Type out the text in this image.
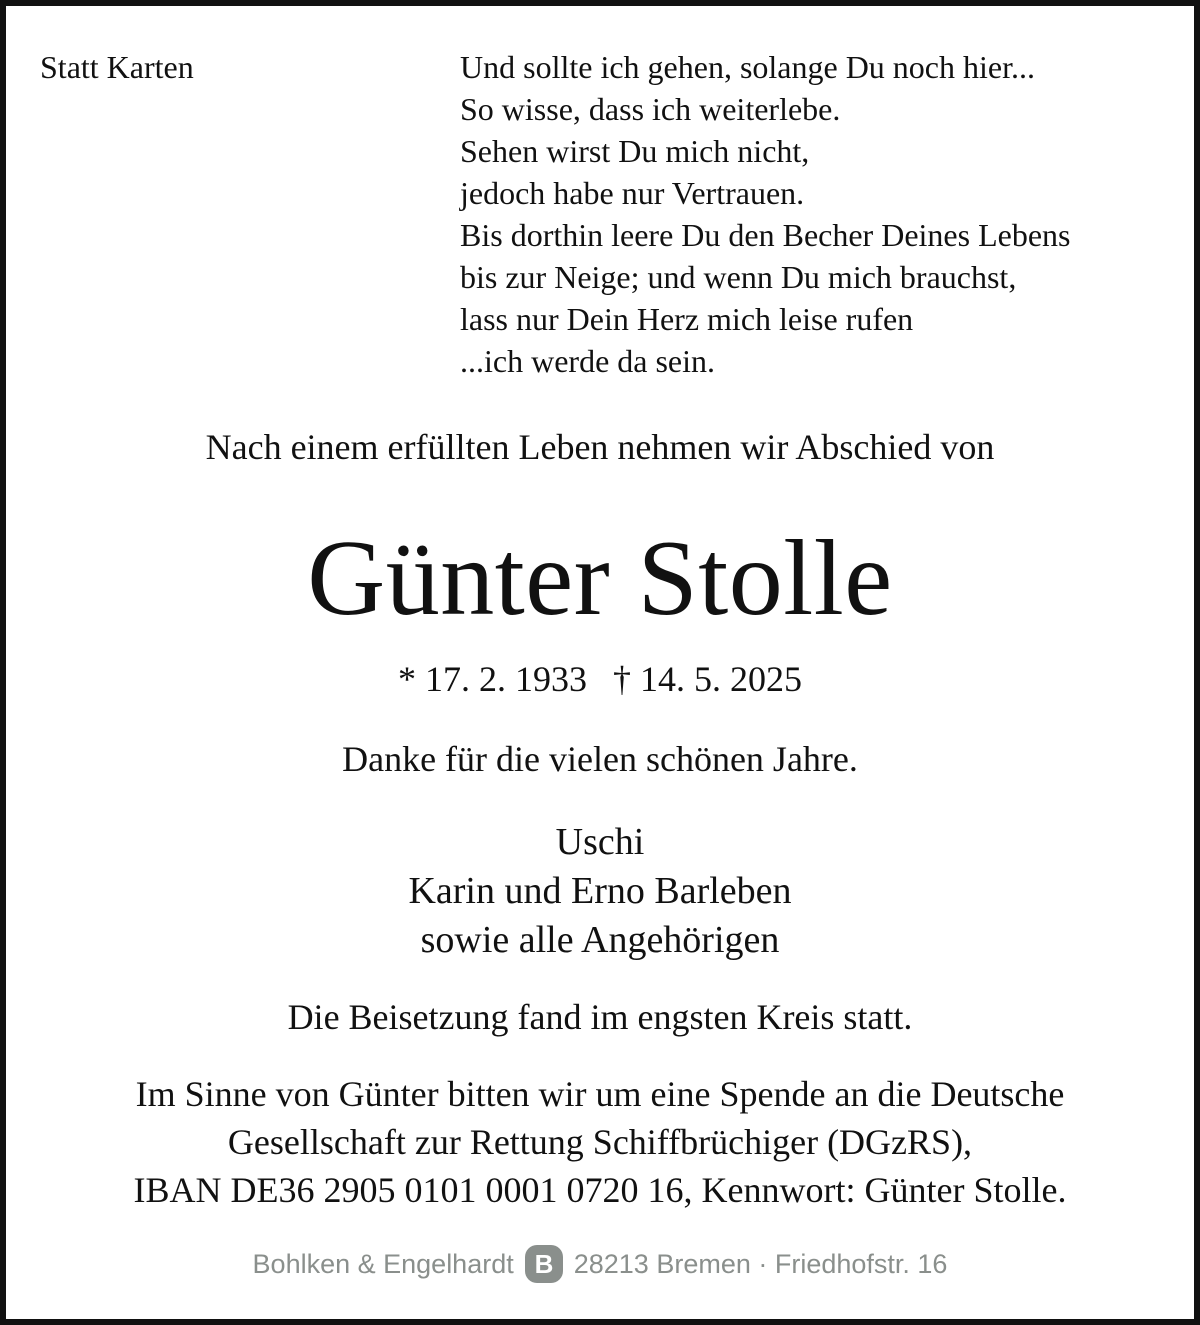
Statt Karten	Und sollte ich gehen, solange Du noch hier...
So wisse, dass ich weiterlebe.
Sehen wirst Du mich nicht,
jedoch habe nur Vertrauen.
Bis dorthin leere Du den Becher Deines Lebens
bis zur Neige; und wenn Du mich brauchst,
lass nur Dein Herz mich leise rufen
...ich werde da sein.
Nach einem erfüllten Leben nehmen wir Abschied von
Günter Stolle
* 17. 2. 1933 † 14. 5. 2025
Danke für die vielen schönen Jahre.
Uschi
Karin und Erno Barleben
sowie alle Angehörigen
Die Beisetzung fand im engsten Kreis statt.
Im Sinne von Günter bitten wir um eine Spende an die Deutsche
Gesellschaft zur Rettung Schiffbrüchiger (DGzRS),
IBAN DE36 2905 0101 0001 0720 16, Kennwort: Günter Stolle.
Bohlken & Engelhardt B 28213 Bremen · Friedhofstr. 16
